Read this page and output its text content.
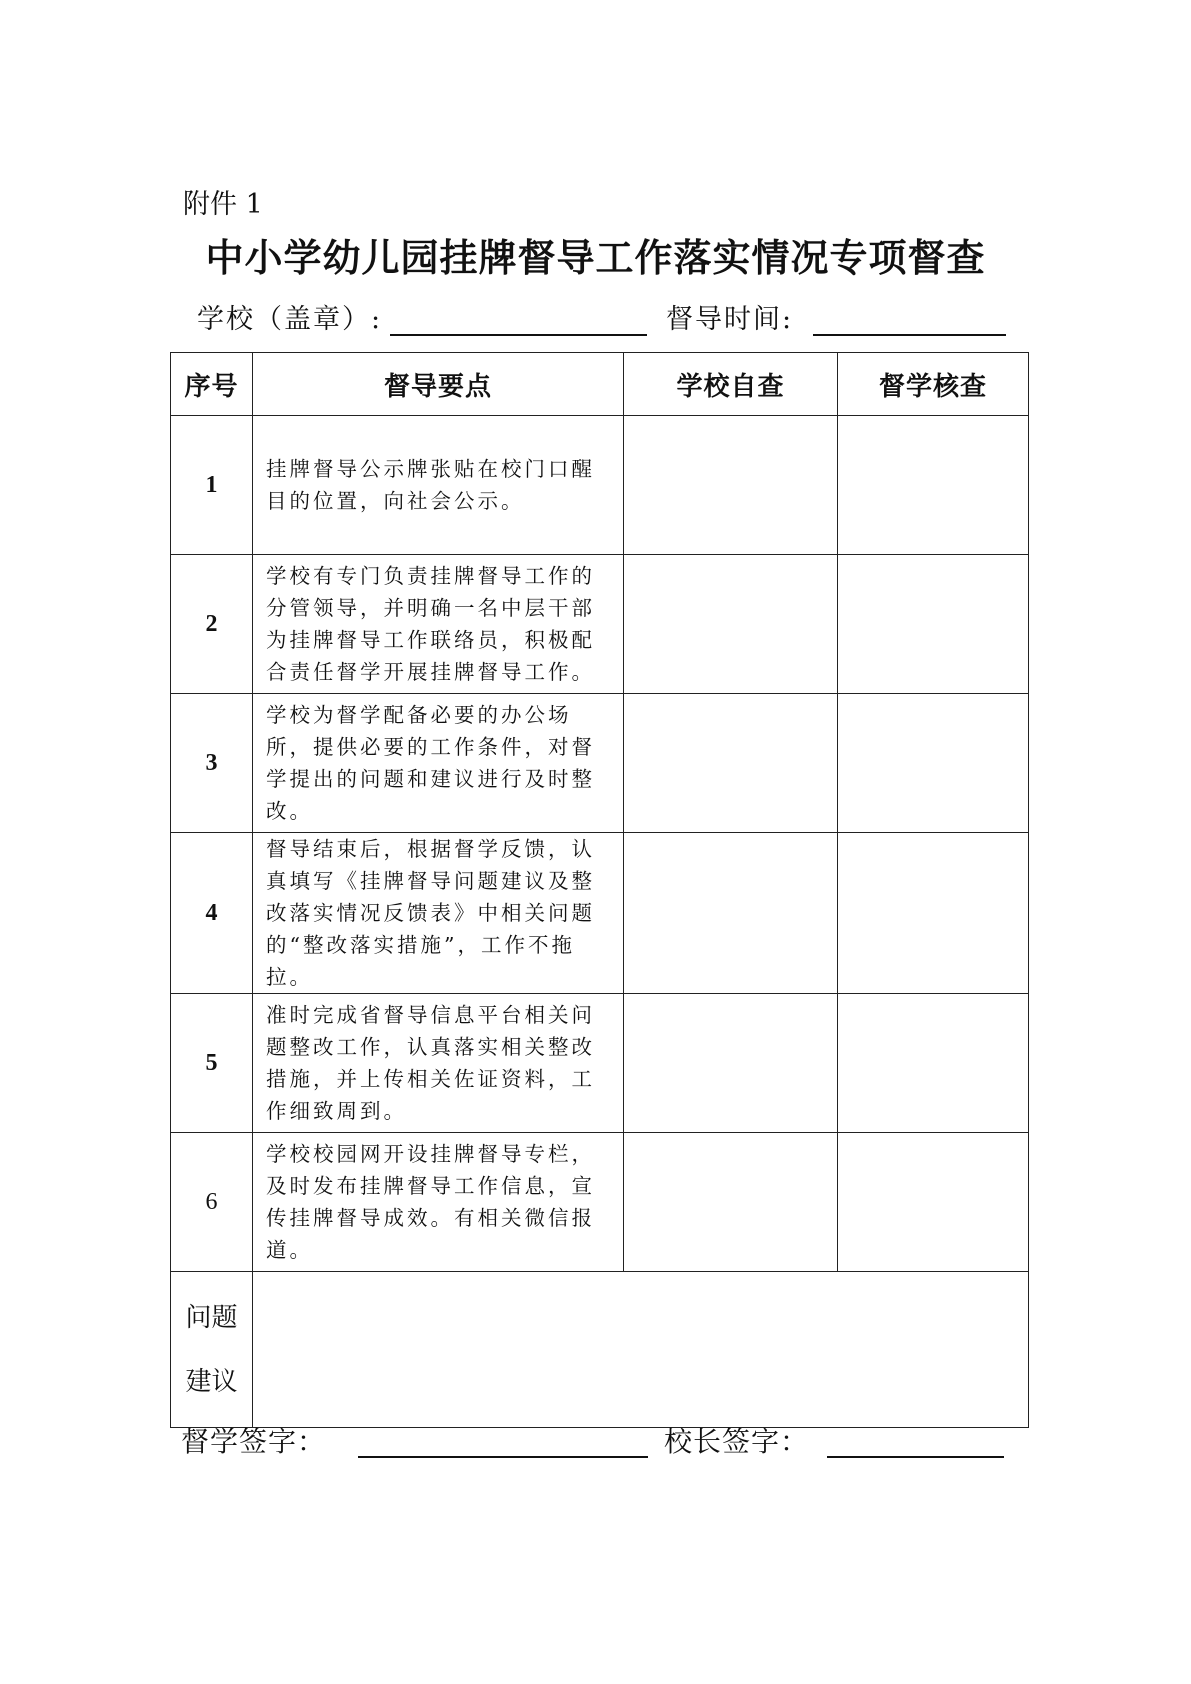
附件 1
中小学幼儿园挂牌督导工作落实情况专项督查
学校（盖章）:	督导时间:
序号	督导要点	学校自查	督学核查
1	挂牌督导公示牌张贴在校门口醒目的位置，向社会公示。		
2	学校有专门负责挂牌督导工作的分管领导，并明确一名中层干部为挂牌督导工作联络员，积极配合责任督学开展挂牌督导工作。		
3	学校为督学配备必要的办公场所，提供必要的工作条件，对督学提出的问题和建议进行及时整改。		
4	督导结束后，根据督学反馈，认真填写《挂牌督导问题建议及整改落实情况反馈表》中相关问题的“整改落实措施”，工作不拖拉。		
5	准时完成省督导信息平台相关问题整改工作，认真落实相关整改措施，并上传相关佐证资料，工作细致周到。		
6	学校校园网开设挂牌督导专栏，及时发布挂牌督导工作信息，宣传挂牌督导成效。有相关微信报道。		

问题
建议			

督学签字：	校长签字：
